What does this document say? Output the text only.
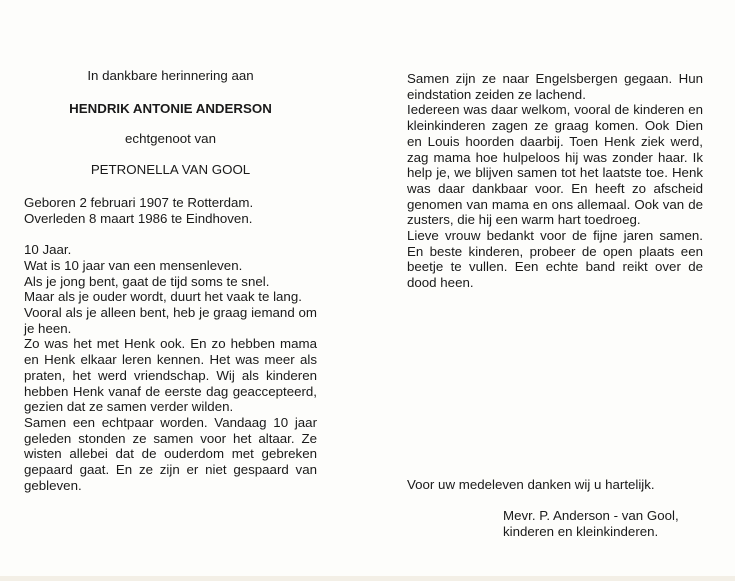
In dankbare herinnering aan

HENDRIK ANTONIE ANDERSON

echtgenoot van

PETRONELLA VAN GOOL

Geboren 2 februari 1907 te Rotterdam.

Overleden 8 maart 1986 te Eindhoven.

10 Jaar.

Wat is 10 jaar van een mensenleven.

Als je jong bent, gaat de tijd soms te snel.

Maar als je ouder wordt, duurt het vaak te lang.

Vooral als je alleen bent, heb je graag iemand om je heen.

Zo was het met Henk ook. En zo hebben mama en Henk elkaar leren kennen. Het was meer als praten, het werd vriendschap. Wij als kinderen hebben Henk vanaf de eerste dag geaccepteerd, gezien dat ze samen verder wilden.

Samen een echtpaar worden. Vandaag 10 jaar geleden stonden ze samen voor het altaar. Ze wisten allebei dat de ouderdom met gebreken gepaard gaat. En ze zijn er niet gespaard van gebleven.

Samen zijn ze naar Engelsbergen gegaan. Hun eindstation zeiden ze lachend.

Iedereen was daar welkom, vooral de kinderen en kleinkinderen zagen ze graag komen. Ook Dien en Louis hoorden daarbij. Toen Henk ziek werd, zag mama hoe hulpeloos hij was zonder haar. Ik help je, we blijven samen tot het laatste toe. Henk was daar dankbaar voor. En heeft zo afscheid genomen van mama en ons allemaal. Ook van de zusters, die hij een warm hart toedroeg.

Lieve vrouw bedankt voor de fijne jaren samen. En beste kinderen, probeer de open plaats een beetje te vullen. Een echte band reikt over de dood heen.

Voor uw medeleven danken wij u hartelijk.

Mevr. P. Anderson - van Gool,

kinderen en kleinkinderen.
